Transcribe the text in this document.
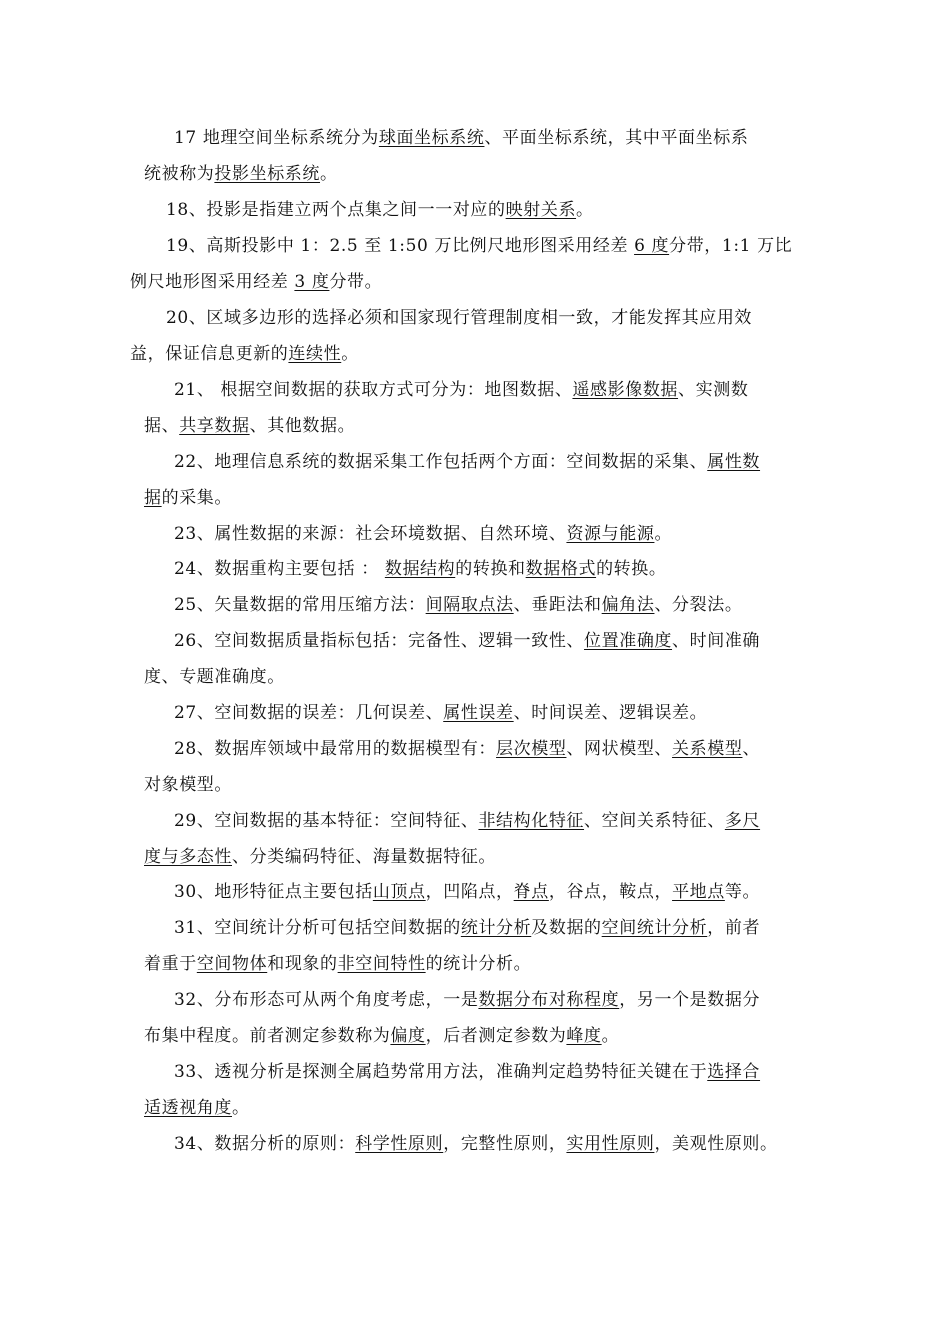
17 地理空间坐标系统分为球面坐标系统、平面坐标系统，其中平面坐标系
统被称为投影坐标系统。
18、投影是指建立两个点集之间一一对应的映射关系。
19、高斯投影中 1：2.5 至 1:50 万比例尺地形图采用经差 6 度分带，1:1 万比
例尺地形图采用经差 3 度分带。
20、区域多边形的选择必须和国家现行管理制度相一致，才能发挥其应用效
益，保证信息更新的连续性。
21、 根据空间数据的获取方式可分为：地图数据、遥感影像数据、实测数
据、共享数据、其他数据。
22、地理信息系统的数据采集工作包括两个方面：空间数据的采集、属性数
据的采集。
23、属性数据的来源：社会环境数据、自然环境、资源与能源。
24、数据重构主要包括 ： 数据结构的转换和数据格式的转换。
25、矢量数据的常用压缩方法：间隔取点法、垂距法和偏角法、分裂法。
26、空间数据质量指标包括：完备性、逻辑一致性、位置准确度、时间准确
度、专题准确度。
27、空间数据的误差：几何误差、属性误差、时间误差、逻辑误差。
28、数据库领域中最常用的数据模型有：层次模型、网状模型、关系模型、
对象模型。
29、空间数据的基本特征：空间特征、非结构化特征、空间关系特征、多尺
度与多态性、分类编码特征、海量数据特征。
30、地形特征点主要包括山顶点，凹陷点，脊点，谷点，鞍点，平地点等。
31、空间统计分析可包括空间数据的统计分析及数据的空间统计分析，前者
着重于空间物体和现象的非空间特性的统计分析。
32、分布形态可从两个角度考虑，一是数据分布对称程度，另一个是数据分
布集中程度。前者测定参数称为偏度，后者测定参数为峰度。
33、透视分析是探测全属趋势常用方法，准确判定趋势特征关键在于选择合
适透视角度。
34、数据分析的原则：科学性原则，完整性原则，实用性原则，美观性原则。
